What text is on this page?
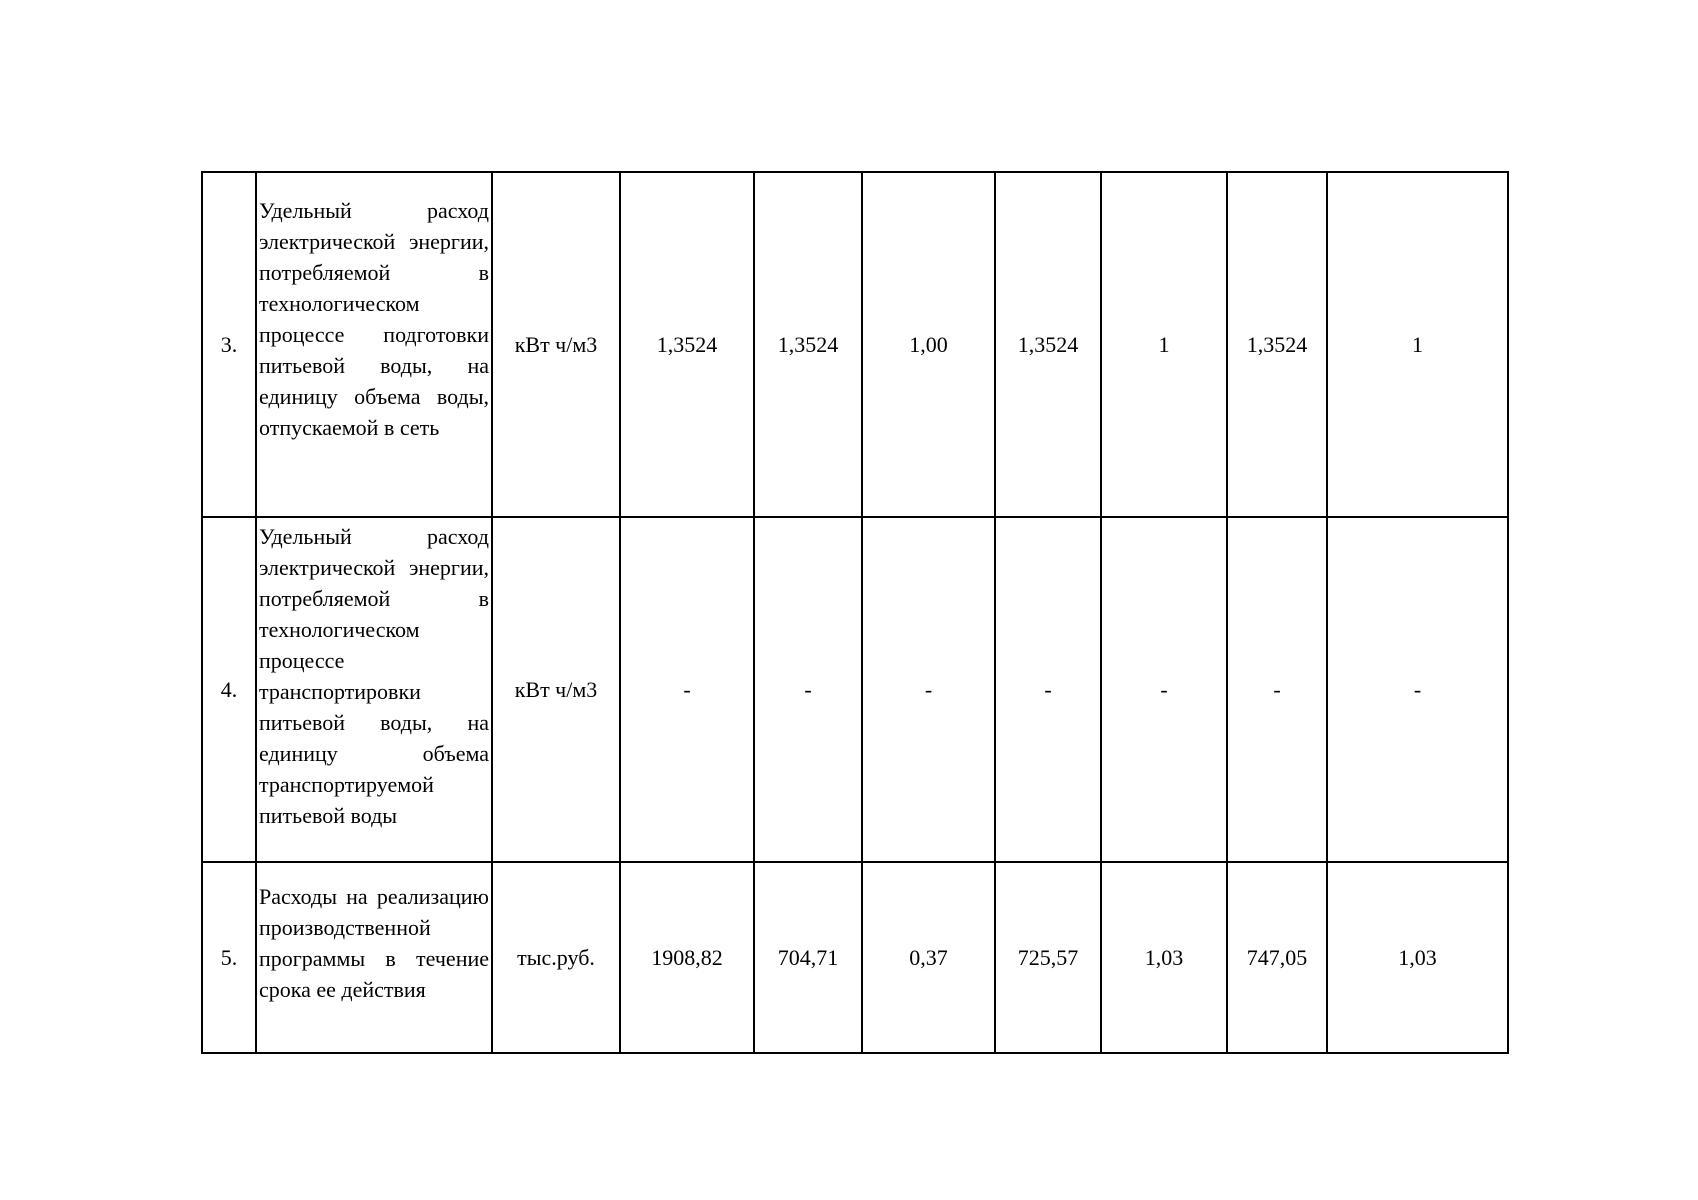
3.	Удельный расход электрической энергии, потребляемой в технологическом процессе подготовки питьевой воды, на единицу объема воды, отпускаемой в сеть	кВт ч/м3	1,3524	1,3524	1,00	1,3524	1	1,3524	1
4.	Удельный расход электрической энергии, потребляемой в технологическом процессе транспортировки питьевой воды, на единицу объема транспортируемой питьевой воды	кВт ч/м3	-	-	-	-	-	-	-
5.	Расходы на реализацию производственной программы в течение срока ее действия	тыс.руб.	1908,82	704,71	0,37	725,57	1,03	747,05	1,03
